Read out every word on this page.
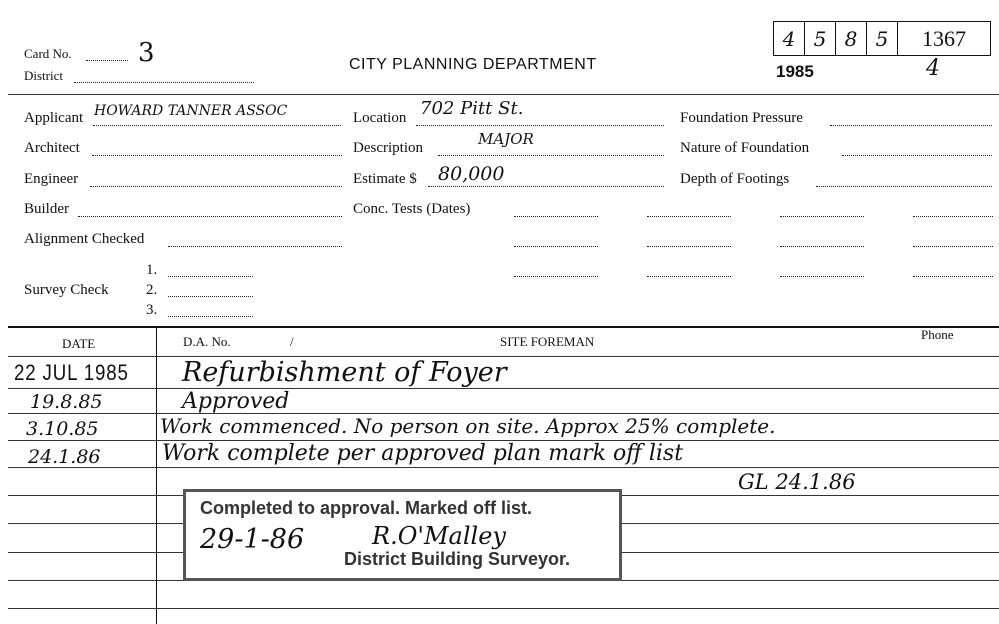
Card No.	3
District
CITY PLANNING DEPARTMENT
4 5 8 5	1367
1985	4
Applicant HOWARD TANNER ASSOC
Architect
Engineer
Builder
Alignment Checked
Survey Check
1.
2.
3.
Location 702 Pitt St.
Description	MAJOR
Estimate $ 80,000
Conc. Tests (Dates)
Foundation Pressure
Nature of Foundation
Depth of Footings
DATE	D.A. No.	/	SITE FOREMAN	Phone
22 JUL 1985 Refurbishment of Foyer
19.8.85	Approved
3.10.85	Work commenced. No person on site. Approx 25% complete.
24.1.86	Work complete per approved plan mark off list
GL 24.1.86
Completed to approval. Marked off list.
29-1-86	R.O'Malley
District Building Surveyor.
